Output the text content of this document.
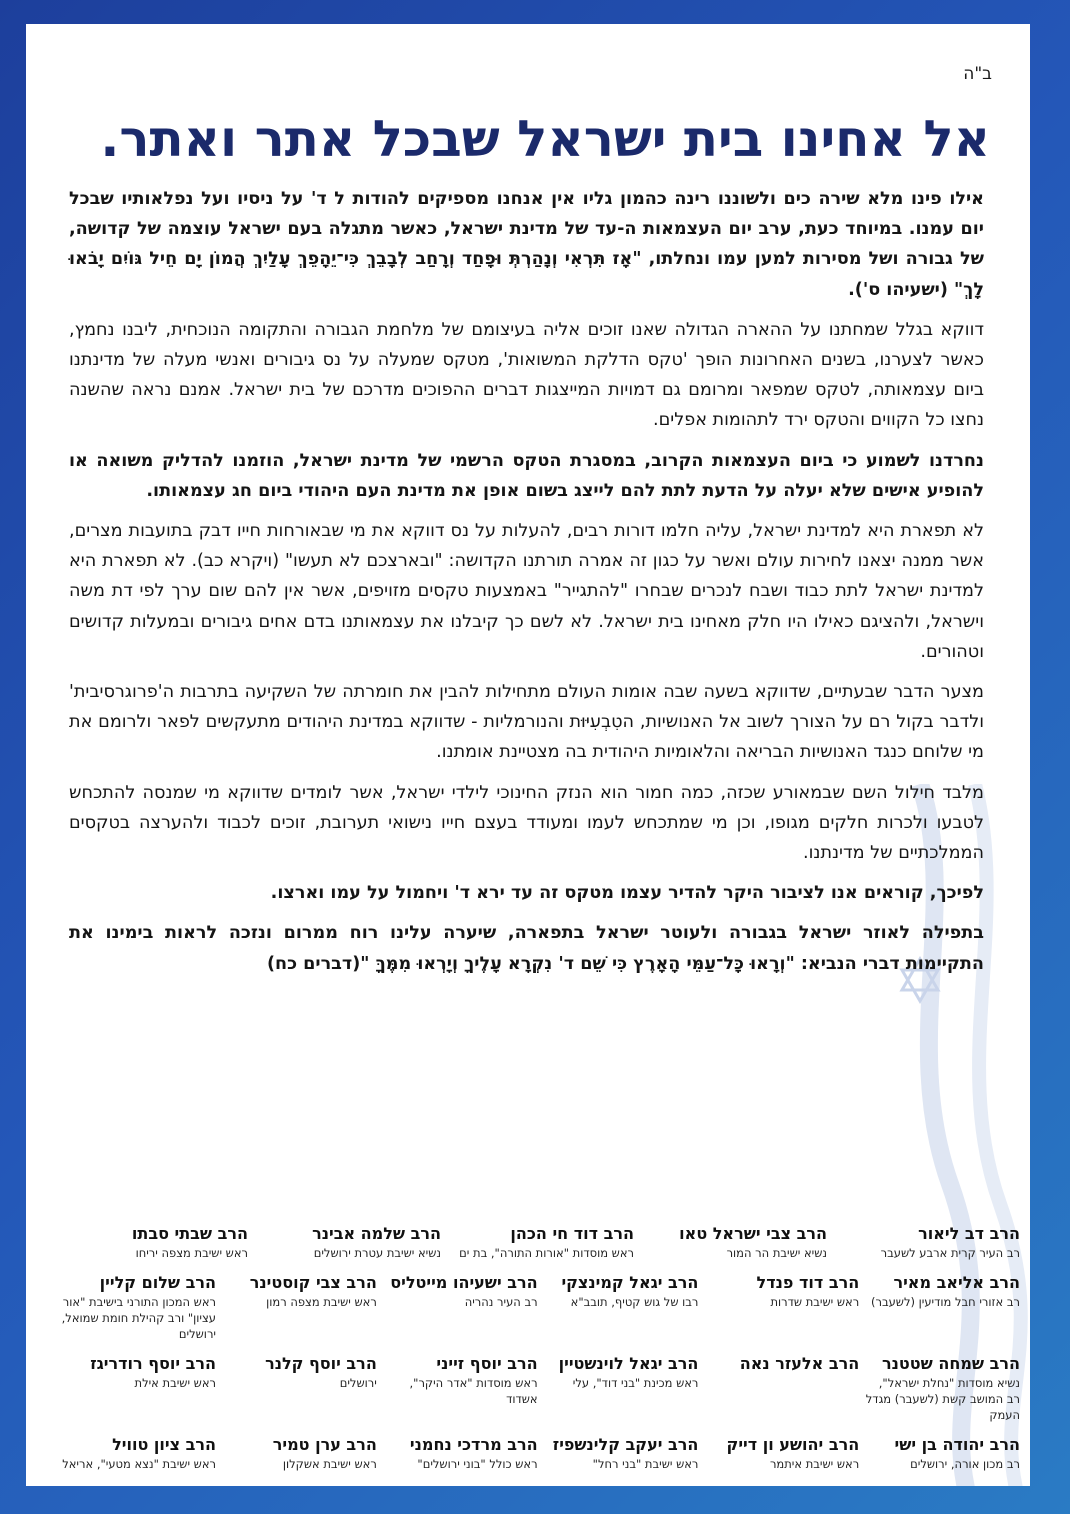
ב"ה
אל אחינו בית ישראל שבכל אתר ואתר.

אילו פינו מלא שירה כים ולשוננו רינה כהמון גליו אין אנחנו מספיקים להודות ל ד' על ניסיו ועל נפלאותיו שבכל יום עמנו. במיוחד כעת, ערב יום העצמאות ה-עד של מדינת ישראל, כאשר מתגלה בעם ישראל עוצמה של קדושה, של גבורה ושל מסירות למען עמו ונחלתו, "אָז תִּרְאִי וְנָהַרְתְּ וּפָחַד וְרָחַב לְבָבֵךְ כִּי־יֵהָפֵךְ עָלַיִךְ הֲמוֹן יָם חֵיל גּוֹיִם יָבֹאוּ לָךְ" (ישעיהו ס').

דווקא בגלל שמחתנו על ההארה הגדולה שאנו זוכים אליה בעיצומם של מלחמת הגבורה והתקומה הנוכחית, ליבנו נחמץ, כאשר לצערנו, בשנים האחרונות הופך 'טקס הדלקת המשואות', מטקס שמעלה על נס גיבורים ואנשי מעלה של מדינתנו ביום עצמאותה, לטקס שמפאר ומרומם גם דמויות המייצגות דברים ההפוכים מדרכם של בית ישראל. אמנם נראה שהשנה נחצו כל הקווים והטקס ירד לתהומות אפלים.

נחרדנו לשמוע כי ביום העצמאות הקרוב, במסגרת הטקס הרשמי של מדינת ישראל, הוזמנו להדליק משואה או להופיע אישים שלא יעלה על הדעת לתת להם לייצג בשום אופן את מדינת העם היהודי ביום חג עצמאותו.

לא תפארת היא למדינת ישראל, עליה חלמו דורות רבים, להעלות על נס דווקא את מי שבאורחות חייו דבק בתועבות מצרים, אשר ממנה יצאנו לחירות עולם ואשר על כגון זה אמרה תורתנו הקדושה: "ובארצכם לא תעשו" (ויקרא כב). לא תפארת היא למדינת ישראל לתת כבוד ושבח לנכרים שבחרו "להתגייר" באמצעות טקסים מזויפים, אשר אין להם שום ערך לפי דת משה וישראל, ולהציגם כאילו היו חלק מאחינו בית ישראל. לא לשם כך קיבלנו את עצמאותנו בדם אחים גיבורים ובמעלות קדושים וטהורים.

מצער הדבר שבעתיים, שדווקא בשעה שבה אומות העולם מתחילות להבין את חומרתה של השקיעה בתרבות ה'פרוגרסיבית' ולדבר בקול רם על הצורך לשוב אל האנושיות, הטִבְעִיּוּת והנורמליות - שדווקא במדינת היהודים מתעקשים לפאר ולרומם את מי שלוחם כנגד האנושיות הבריאה והלאומיות היהודית בה מצטיינת אומתנו.

מלבד חילול השם שבמאורע שכזה, כמה חמור הוא הנזק החינוכי לילדי ישראל, אשר לומדים שדווקא מי שמנסה להתכחש לטבעו ולכרות חלקים מגופו, וכן מי שמתכחש לעמו ומעודד בעצם חייו נישואי תערובת, זוכים לכבוד ולהערצה בטקסים הממלכתיים של מדינתנו.

לפיכך, קוראים אנו לציבור היקר להדיר עצמו מטקס זה עד ירא ד' ויחמול על עמו וארצו.

בתפילה לאוזר ישראל בגבורה ולעוטר ישראל בתפארה, שיערה עלינו רוח ממרום ונזכה לראות בימינו את התקיימות דברי הנביא: "וְרָאוּ כָּל־עַמֵּי הָאָרֶץ כִּי שֵׁם ד' נִקְרָא עָלֶיךָ וְיָרְאוּ מִמֶּךָּ "(דברים כח)

הרב דב ליאור
רב העיר קרית ארבע לשעבר
הרב צבי ישראל טאו
נשיא ישיבת הר המור
הרב דוד חי הכהן
ראש מוסדות "אורות התורה", בת ים
הרב שלמה אבינר
נשיא ישיבת עטרת ירושלים
הרב שבתי סבתו
ראש ישיבת מצפה יריחו
הרב אליאב מאיר
רב אזורי חבל מודיעין (לשעבר)
הרב דוד פנדל
ראש ישיבת שדרות
הרב יגאל קמינצקי
רבו של גוש קטיף, תובב"א
הרב ישעיהו מייטליס
רב העיר נהריה
הרב צבי קוסטינר
ראש ישיבת מצפה רמון
הרב שלום קליין
ראש המכון התורני בישיבת "אור עציון" ורב קהילת חומת שמואל, ירושלים
הרב שמחה שטטנר
נשיא מוסדות "נחלת ישראל", רב המושב קשת (לשעבר) מגדל העמק
הרב אלעזר נאה
הרב יגאל לוינשטיין
ראש מכינת "בני דוד", עלי
הרב יוסף זייני
ראש מוסדות "אדר היקר", אשדוד
הרב יוסף קלנר
ירושלים
הרב יוסף רודריגז
ראש ישיבת אילת
הרב יהודה בן ישי
רב מכון אורה, ירושלים
הרב יהושע ון דייק
ראש ישיבת איתמר
הרב יעקב קלינשפיז
ראש ישיבת "בני רחל"
הרב מרדכי נחמני
ראש כולל "בוני ירושלים"
הרב ערן טמיר
ראש ישיבת אשקלון
הרב ציון טוויל
ראש ישיבת "נצא מטעי", אריאל
